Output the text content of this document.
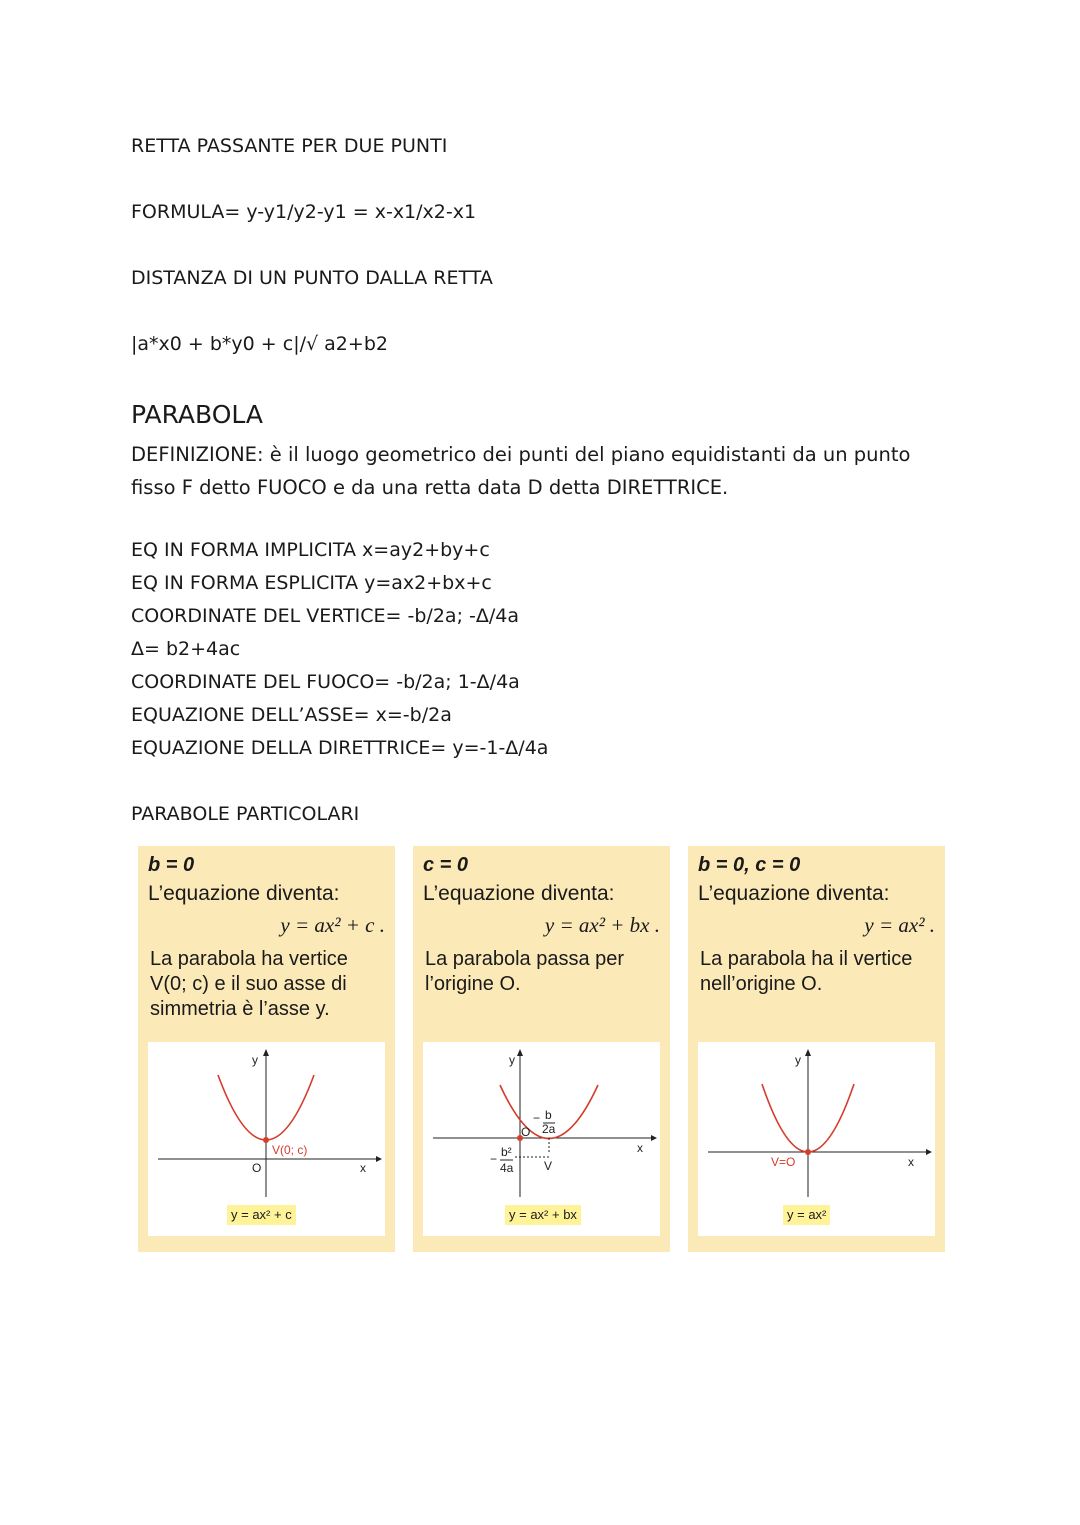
RETTA PASSANTE PER DUE PUNTI
FORMULA= y-y1/y2-y1 = x-x1/x2-x1
DISTANZA DI UN PUNTO DALLA RETTA
|a*x0 + b*y0 + c|/√ a2+b2
PARABOLA
DEFINIZIONE: è il luogo geometrico dei punti del piano equidistanti da un punto fisso F detto FUOCO e da una retta data D detta DIRETTRICE.
EQ IN FORMA IMPLICITA x=ay2+by+c
EQ IN FORMA ESPLICITA y=ax2+bx+c
COORDINATE DEL VERTICE= -b/2a; -Δ/4a
Δ= b2+4ac
COORDINATE DEL FUOCO= -b/2a; 1-Δ/4a
EQUAZIONE DELL’ASSE= x=-b/2a
EQUAZIONE DELLA DIRETTRICE= y=-1-Δ/4a
PARABOLE PARTICOLARI
b = 0
L’equazione diventa:
y = ax² + c .
La parabola ha vertice V(0; c) e il suo asse di simmetria è l’asse y.
y
x
O
V(0; c)
y = ax² + c
c = 0
L’equazione diventa:
y = ax² + bx .
La parabola passa per l’origine O.
y
x
O
V
− b
2a
− b²
4a
y = ax² + bx
b = 0, c = 0
L’equazione diventa:
y = ax² .
La parabola ha il vertice nell’origine O.
y
x
V=O
y = ax²
